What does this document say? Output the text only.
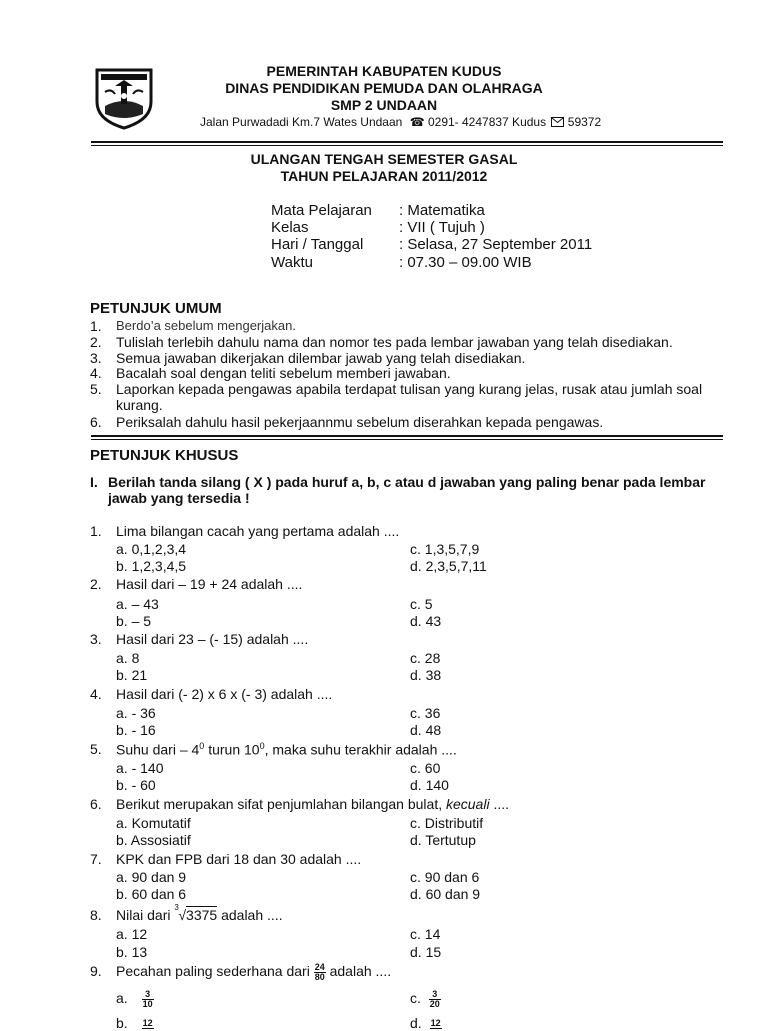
PEMERINTAH KABUPATEN KUDUS
DINAS PENDIDIKAN PEMUDA DAN OLAHRAGA
SMP 2 UNDAAN
Jalan Purwadadi Km.7 Wates Undaan ☎ 0291- 4247837 Kudus 59372
ULANGAN TENGAH SEMESTER GASAL
TAHUN PELAJARAN 2011/2012
Mata Pelajaran : Matematika
Kelas	: VII ( Tujuh )
Hari / Tanggal : Selasa, 27 September 2011
Waktu	: 07.30 – 09.00 WIB
PETUNJUK UMUM
1. Berdo’a sebelum mengerjakan.
2. Tulislah terlebih dahulu nama dan nomor tes pada lembar jawaban yang telah disediakan.
3. Semua jawaban dikerjakan dilembar jawab yang telah disediakan.
4. Bacalah soal dengan teliti sebelum memberi jawaban.
5. Laporkan kepada pengawas apabila terdapat tulisan yang kurang jelas, rusak atau jumlah soal
kurang.
6. Periksalah dahulu hasil pekerjaannmu sebelum diserahkan kepada pengawas.
PETUNJUK KHUSUS
I. Berilah tanda silang ( X ) pada huruf a, b, c atau d jawaban yang paling benar pada lembar
jawab yang tersedia !
1. Lima bilangan cacah yang pertama adalah ....
a. 0,1,2,3,4	c. 1,3,5,7,9
b. 1,2,3,4,5	d. 2,3,5,7,11
2. Hasil dari – 19 + 24 adalah ....
a. – 43	c. 5
b. – 5	d. 43
3. Hasil dari 23 – (- 15) adalah ....
a. 8	c. 28
b. 21	d. 38
4. Hasil dari (- 2) x 6 x (- 3) adalah ....
a. - 36	c. 36
b. - 16	d. 48
5. Suhu dari – $4^0$ turun $10^0$, maka suhu terakhir adalah ....
a. - 140	c. 60
b. - 60	d. 140
6. Berikut merupakan sifat penjumlahan bilangan bulat, kecuali ....
a. Komutatif	c. Distributif
b. Assosiatif	d. Tertutup
7. KPK dan FPB dari 18 dan 30 adalah ....
a. 90 dan 9	c. 90 dan 6
b. 60 dan 6	d. 60 dan 9
8. Nilai dari 3 √3375 adalah ....
a. 12	c. 14
b. 13	d. 15
9. Pecahan paling sederhana dari $\frac{24}{80}$ adalah ....
a. $\frac{3}{10}$	c. $\frac{3}{20}$
b. 12	d. 12
